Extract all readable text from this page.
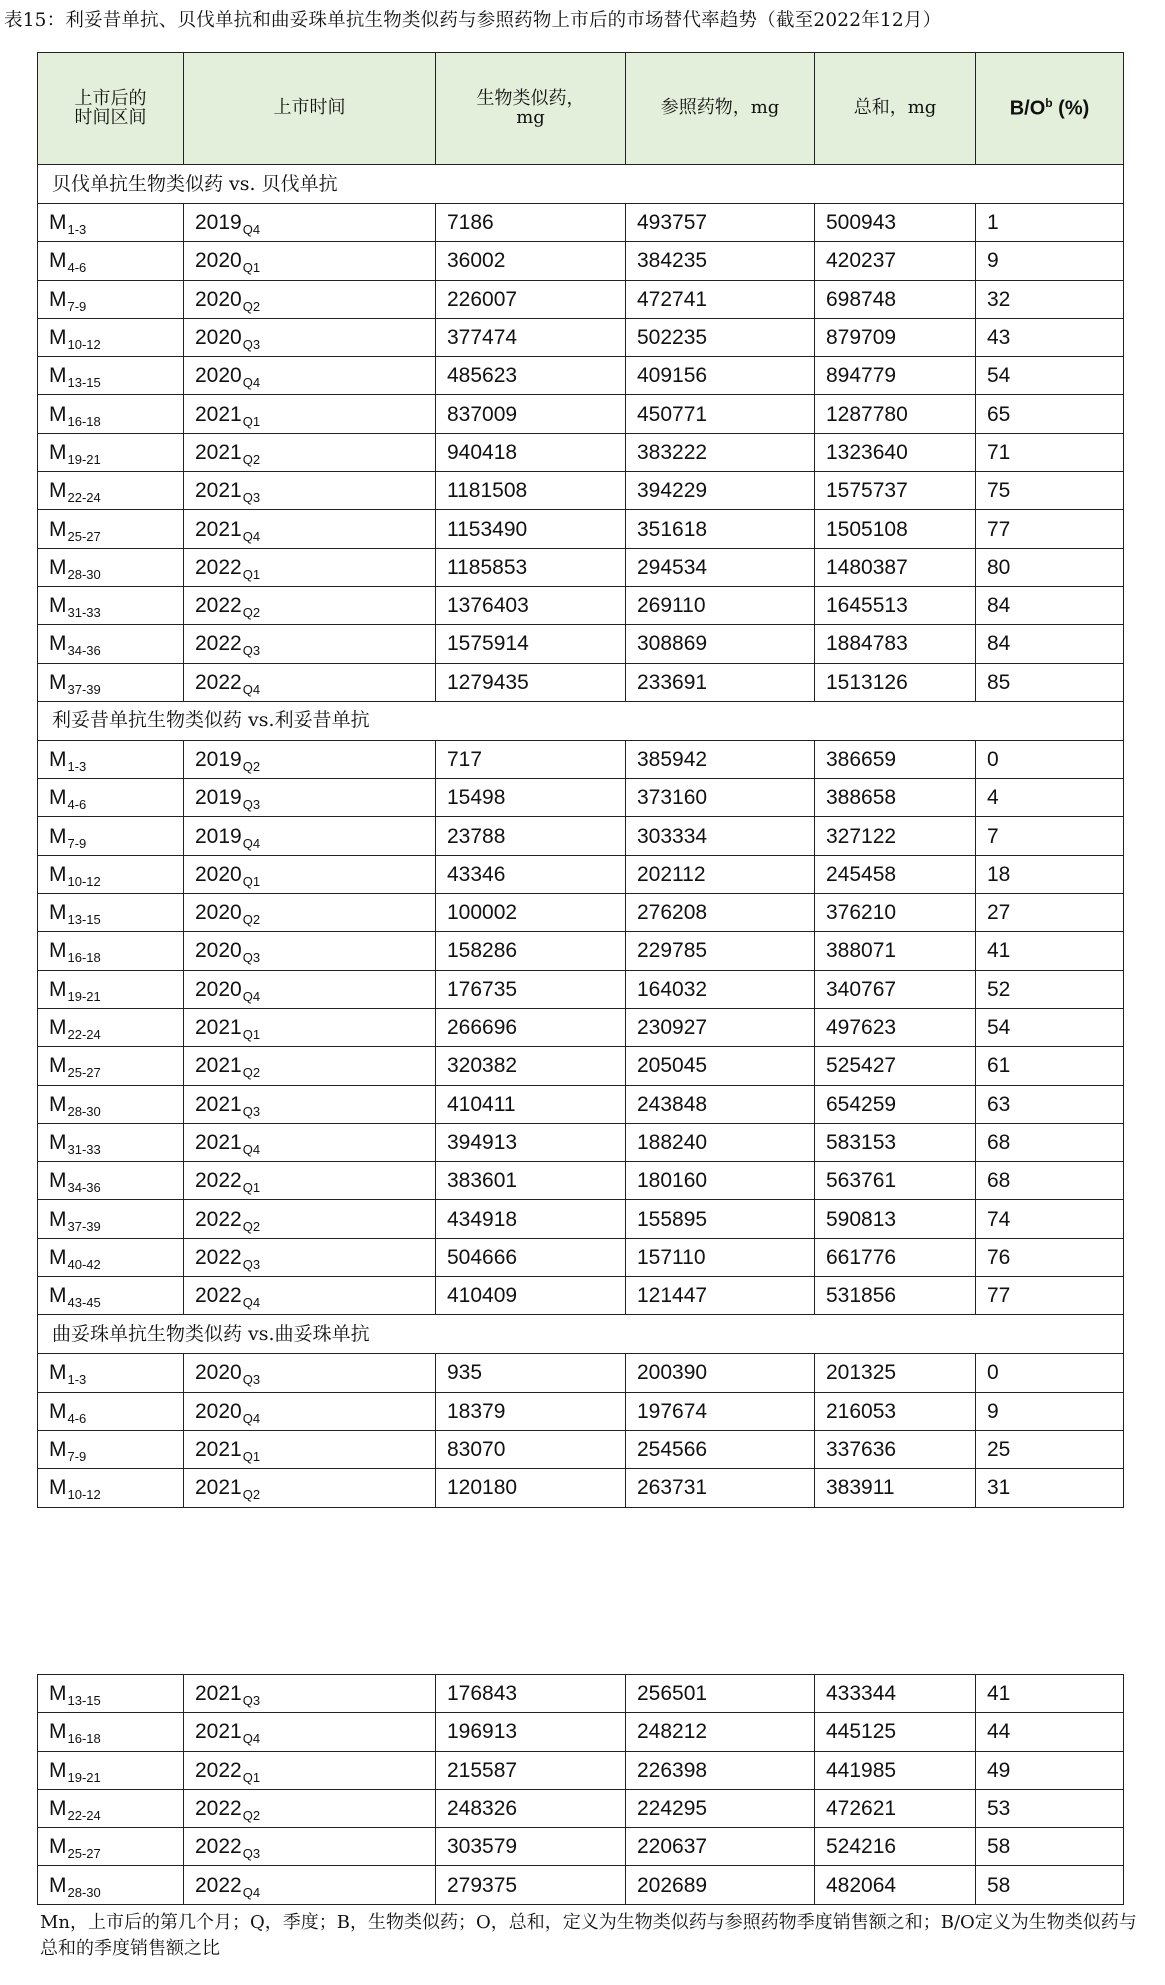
表15：利妥昔单抗、贝伐单抗和曲妥珠单抗生物类似药与参照药物上市后的市场替代率趋势（截至2022年12月）
上市后的时间区间	上市时间	生物类似药，mg	参照药物，mg	总和，mg	$B/O^b$ (%)
贝伐单抗生物类似药 vs. 贝伐单抗					
$M_{1-3}$	$2019_{Q4}$	7186	493757	500943	1
$M_{4-6}$	$2020_{Q1}$	36002	384235	420237	9
$M_{7-9}$	$2020_{Q2}$	226007	472741	698748	32
$M_{10-12}$	$2020_{Q3}$	377474	502235	879709	43
$M_{13-15}$	$2020_{Q4}$	485623	409156	894779	54
$M_{16-18}$	$2021_{Q1}$	837009	450771	1287780	65
$M_{19-21}$	$2021_{Q2}$	940418	383222	1323640	71
$M_{22-24}$	$2021_{Q3}$	1181508	394229	1575737	75
$M_{25-27}$	$2021_{Q4}$	1153490	351618	1505108	77
$M_{28-30}$	$2022_{Q1}$	1185853	294534	1480387	80
$M_{31-33}$	$2022_{Q2}$	1376403	269110	1645513	84
$M_{34-36}$	$2022_{Q3}$	1575914	308869	1884783	84
$M_{37-39}$	$2022_{Q4}$	1279435	233691	1513126	85
利妥昔单抗生物类似药 vs.利妥昔单抗					
$M_{1-3}$	$2019_{Q2}$	717	385942	386659	0
$M_{4-6}$	$2019_{Q3}$	15498	373160	388658	4
$M_{7-9}$	$2019_{Q4}$	23788	303334	327122	7
$M_{10-12}$	$2020_{Q1}$	43346	202112	245458	18
$M_{13-15}$	$2020_{Q2}$	100002	276208	376210	27
$M_{16-18}$	$2020_{Q3}$	158286	229785	388071	41
$M_{19-21}$	$2020_{Q4}$	176735	164032	340767	52
$M_{22-24}$	$2021_{Q1}$	266696	230927	497623	54
$M_{25-27}$	$2021_{Q2}$	320382	205045	525427	61
$M_{28-30}$	$2021_{Q3}$	410411	243848	654259	63
$M_{31-33}$	$2021_{Q4}$	394913	188240	583153	68
$M_{34-36}$	$2022_{Q1}$	383601	180160	563761	68
$M_{37-39}$	$2022_{Q2}$	434918	155895	590813	74
$M_{40-42}$	$2022_{Q3}$	504666	157110	661776	76
$M_{43-45}$	$2022_{Q4}$	410409	121447	531856	77
曲妥珠单抗生物类似药 vs.曲妥珠单抗					
$M_{1-3}$	$2020_{Q3}$	935	200390	201325	0
$M_{4-6}$	$2020_{Q4}$	18379	197674	216053	9
$M_{7-9}$	$2021_{Q1}$	83070	254566	337636	25
$M_{10-12}$	$2021_{Q2}$	120180	263731	383911	31
$M_{13-15}$	$2021_{Q3}$	176843	256501	433344	41
$M_{16-18}$	$2021_{Q4}$	196913	248212	445125	44
$M_{19-21}$	$2022_{Q1}$	215587	226398	441985	49
$M_{22-24}$	$2022_{Q2}$	248326	224295	472621	53
$M_{25-27}$	$2022_{Q3}$	303579	220637	524216	58
$M_{28-30}$	$2022_{Q4}$	279375	202689	482064	58
Mn，上市后的第几个月；Q，季度；B，生物类似药；O，总和，定义为生物类似药与参照药物季度销售额之和；B/O定义为生物类似药与总和的季度销售额之比
